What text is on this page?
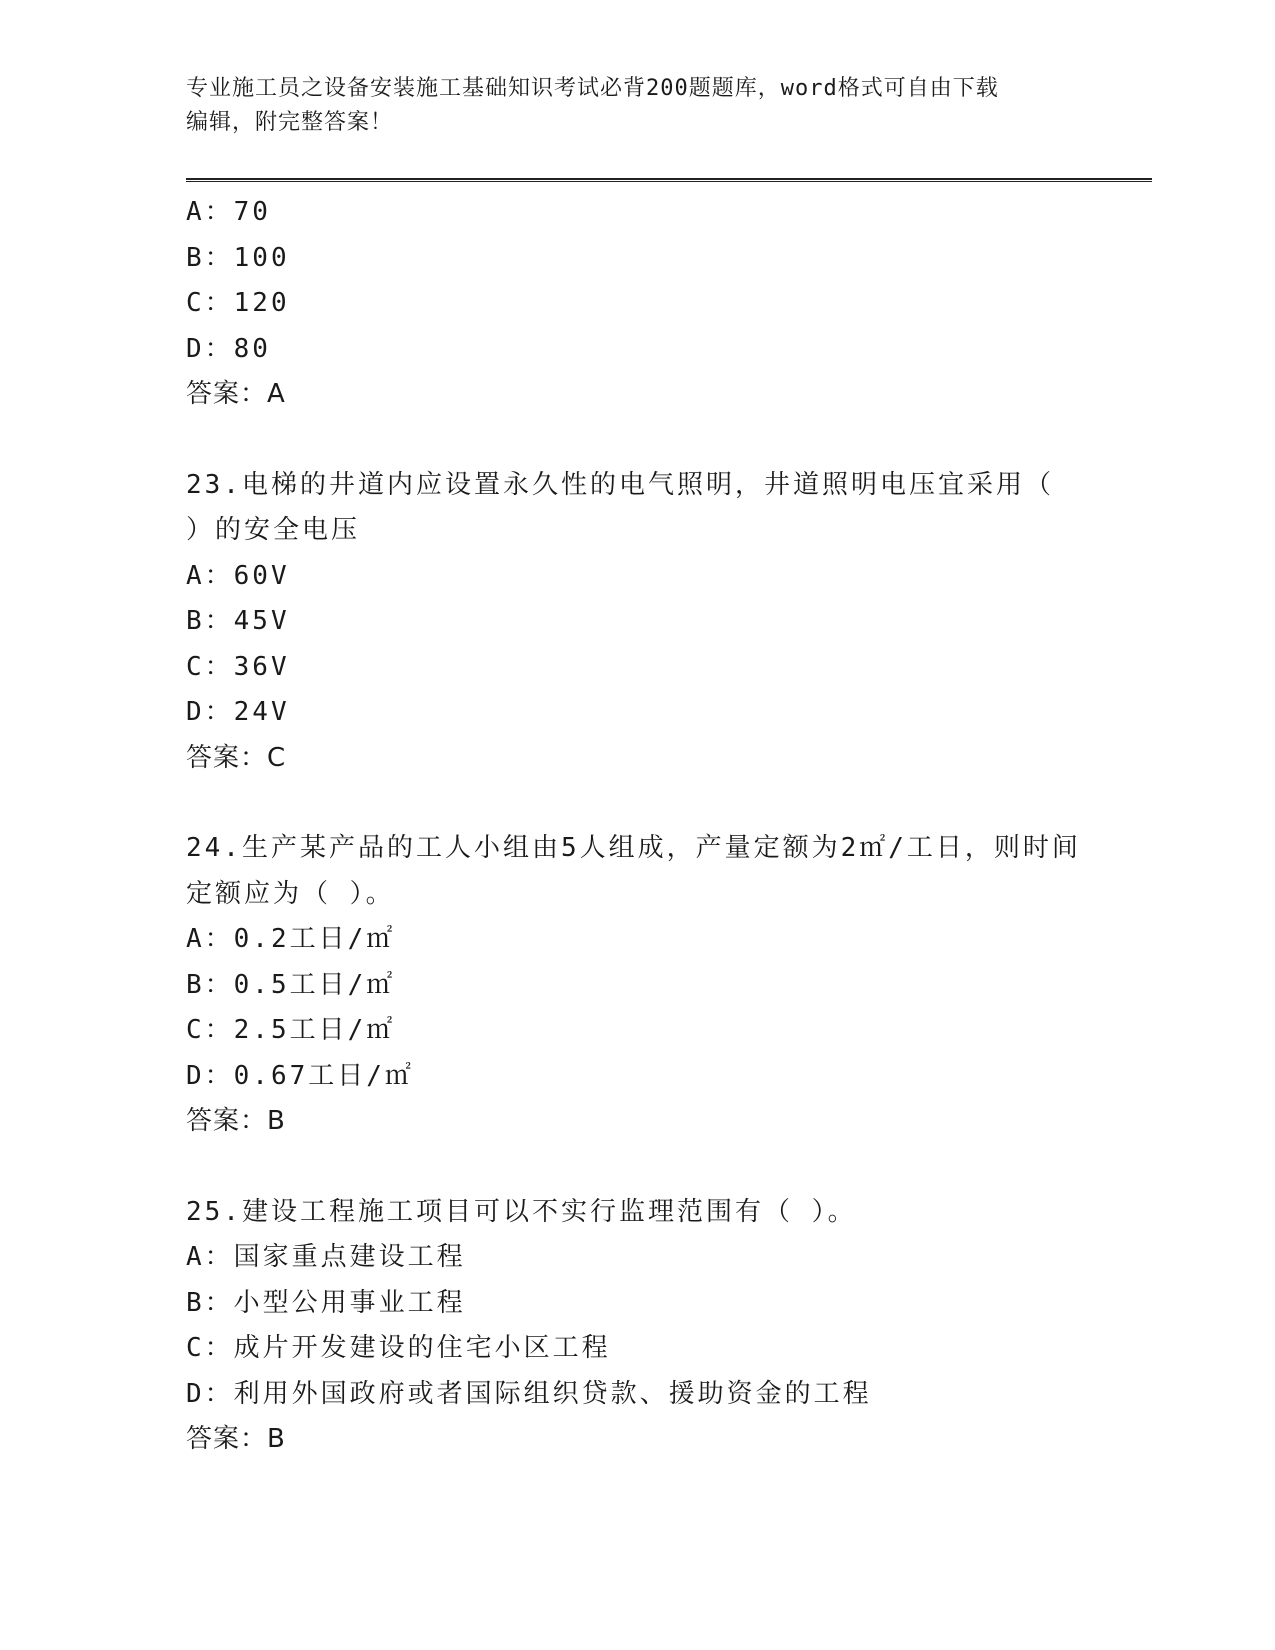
专业施工员之设备安装施工基础知识考试必背200题题库，word格式可自由下载
编辑，附完整答案！
A：70
B：100
C：120
D：80
答案：A
23.电梯的井道内应设置永久性的电气照明，井道照明电压宜采用（
）的安全电压
A：60V
B：45V
C：36V
D：24V
答案：C
24.生产某产品的工人小组由5人组成，产量定额为2㎡/工日，则时间
定额应为（ ）。
A：0.2工日/㎡
B：0.5工日/㎡
C：2.5工日/㎡
D：0.67工日/㎡
答案：B
25.建设工程施工项目可以不实行监理范围有（ ）。
A：国家重点建设工程
B：小型公用事业工程
C：成片开发建设的住宅小区工程
D：利用外国政府或者国际组织贷款、援助资金的工程
答案：B
